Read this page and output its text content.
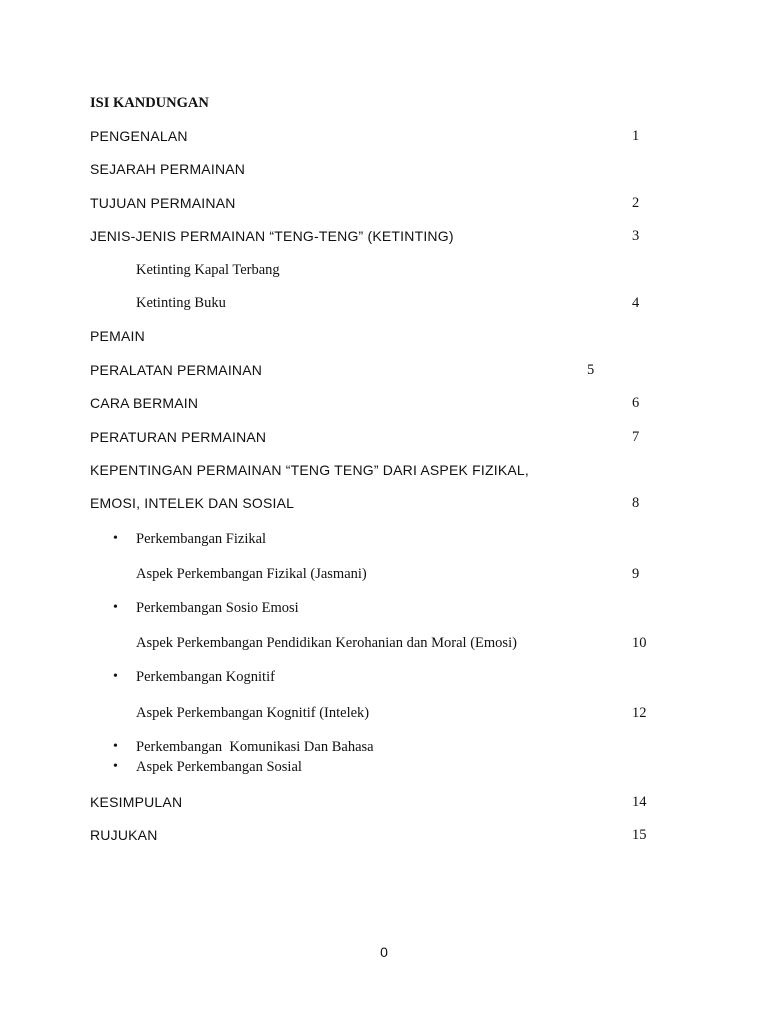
ISI KANDUNGAN
PENGENALAN	1
SEJARAH PERMAINAN
TUJUAN PERMAINAN	2
JENIS-JENIS PERMAINAN “TENG-TENG” (KETINTING)	3
Ketinting Kapal Terbang
Ketinting Buku	4
PEMAIN
PERALATAN PERMAINAN	5
CARA BERMAIN	6
PERATURAN PERMAINAN	7
KEPENTINGAN PERMAINAN “TENG TENG” DARI ASPEK FIZIKAL,
EMOSI, INTELEK DAN SOSIAL	8
• Perkembangan Fizikal
Aspek Perkembangan Fizikal (Jasmani)	9
• Perkembangan Sosio Emosi
Aspek Perkembangan Pendidikan Kerohanian dan Moral (Emosi)	10
• Perkembangan Kognitif
Aspek Perkembangan Kognitif (Intelek)	12
• Perkembangan  Komunikasi Dan Bahasa
• Aspek Perkembangan Sosial
KESIMPULAN	14
RUJUKAN	15
0
